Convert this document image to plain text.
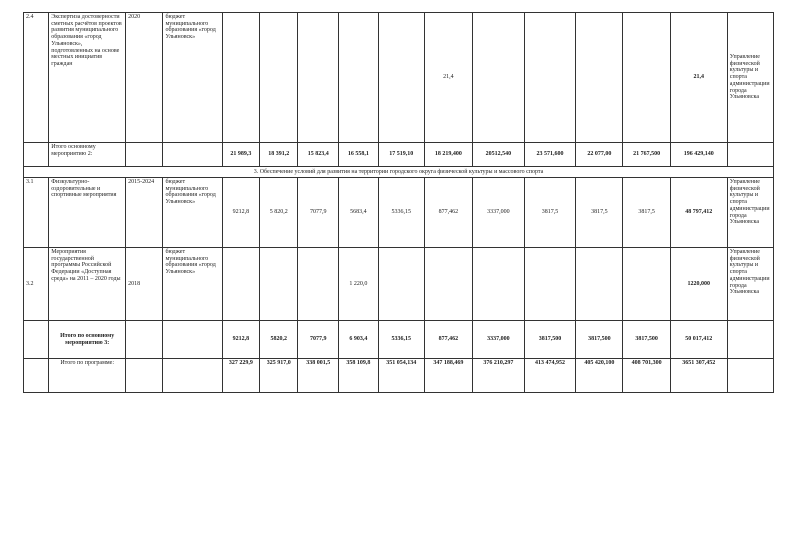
2.4	Экспертиза достоверности сметных расчётов проектов развития муниципального образования «город Ульяновск», подготовленных на основе местных инициатив граждан	2020	бюджет муниципального образования «город Ульяновск»						21,4					21,4	Управление физической культуры и спорта администрации города Ульяновска
	Итого основному мероприятию 2:			21 989,3	18 391,2	15 823,4	16 558,1	17 519,10	18 219,400	20512,540	23 571,600	22 077,00	21 767,500	196 429,140	
3. Обеспечение условий для развития на территории городского округа физической культуры и массового спорта															
3.1	Физкультурно-оздоровительные и спортивные мероприятия	2015-2024	бюджет муниципального образования «город Ульяновск»	9212,8	5 820,2	7077,9	5683,4	5336,15	877,462	3337,000	3817,5	3817,5	3817,5	48 797,412	Управление физической культуры и спорта администрации города Ульяновска
3.2	Мероприятия государственной программы Российской Федерации «Доступная среда» на 2011 – 2020 годы	2018	бюджет муниципального образования «город Ульяновск»				1 220,0							1220,000	Управление физической культуры и спорта администрации города Ульяновска
	Итого по основному мероприятию 3:			9212,8	5820,2	7077,9	6 903,4	5336,15	877,462	3337,000	3817,500	3817,500	3817,500	50 017,412	
	Итого по программе:			327 229,9	325 917,0	338 001,5	358 109,8	351 054,134	347 188,469	376 210,297	413 474,952	405 420,100	408 701,300	3651 307,452	
